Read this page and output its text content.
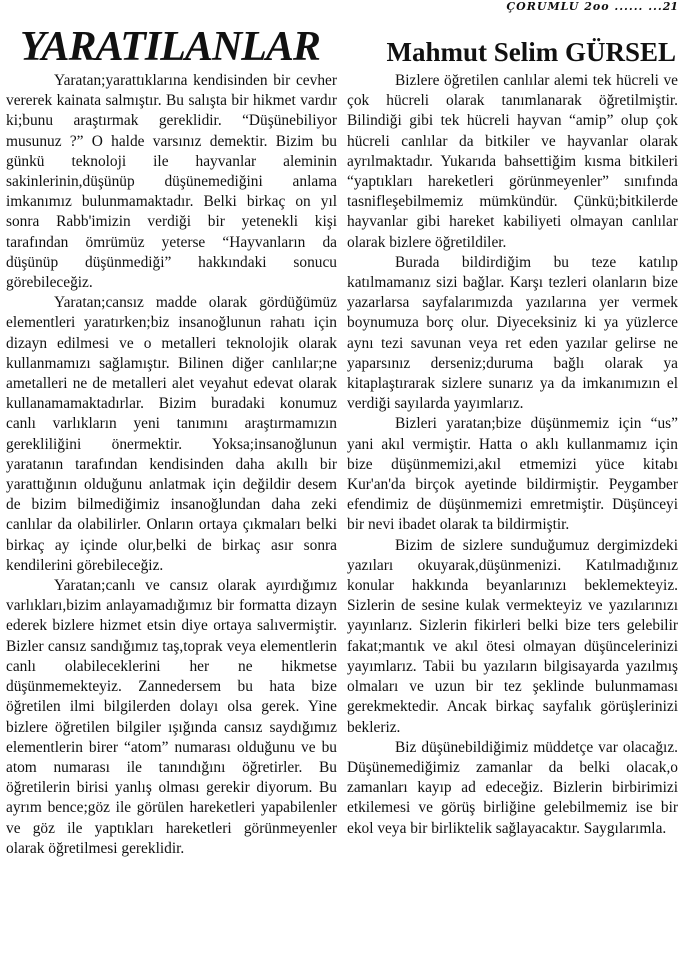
ÇORUMLU 2oo ...... ...21
YARATILANLAR Mahmut Selim GÜRSEL

Yaratan;yarattıklarına kendisinden bir cevher vererek kainata salmıştır. Bu salışta bir hikmet vardır ki;bunu araştırmak gereklidir. “Düşünebiliyor musunuz ?” O halde varsınız demektir. Bizim bu günkü teknoloji ile hayvanlar aleminin sakinlerinin,düşünüp düşünemediğini anlama imkanımız bulunmamaktadır. Belki birkaç on yıl sonra Rabb'imizin verdiği bir yetenekli kişi tarafından ömrümüz yeterse “Hayvanların da düşünüp düşünmediği” hakkındaki sonucu görebileceğiz.

Yaratan;cansız madde olarak gördüğümüz elementleri yaratırken;biz insanoğlunun rahatı için dizayn edilmesi ve o metalleri teknolojik olarak kullanmamızı sağlamıştır. Bilinen diğer canlılar;ne ametalleri ne de metalleri alet veyahut edevat olarak kullanamamaktadırlar. Bizim buradaki konumuz canlı varlıkların yeni tanımını araştırmamızın gerekliliğini önermektir. Yoksa;insanoğlunun yaratanın tarafından kendisinden daha akıllı bir yarattığının olduğunu anlatmak için değildir desem de bizim bilmediğimiz insanoğlundan daha zeki canlılar da olabilirler. Onların ortaya çıkmaları belki birkaç ay içinde olur,belki de birkaç asır sonra kendilerini görebileceğiz.

Yaratan;canlı ve cansız olarak ayırdığımız varlıkları,bizim anlayamadığımız bir formatta dizayn ederek bizlere hizmet etsin diye ortaya salıvermiştir. Bizler cansız sandığımız taş,toprak veya elementlerin canlı olabileceklerini her ne hikmetse düşünmemekteyiz. Zannedersem bu hata bize öğretilen ilmi bilgilerden dolayı olsa gerek. Yine bizlere öğretilen bilgiler ışığında cansız saydığımız elementlerin birer “atom” numarası olduğunu ve bu atom numarası ile tanındığını öğretirler. Bu öğretilerin birisi yanlış olması gerekir diyorum. Bu ayrım bence;göz ile görülen hareketleri yapabilenler ve göz ile yaptıkları hareketleri görünmeyenler olarak öğretilmesi gereklidir.

Bizlere öğretilen canlılar alemi tek hücreli ve çok hücreli olarak tanımlanarak öğretilmiştir. Bilindiği gibi tek hücreli hayvan “amip” olup çok hücreli canlılar da bitkiler ve hayvanlar olarak ayrılmaktadır. Yukarıda bahsettiğim kısma bitkileri “yaptıkları hareketleri görünmeyenler” sınıfında tasnifleşebilmemiz mümkündür. Çünkü;bitkilerde hayvanlar gibi hareket kabiliyeti olmayan canlılar olarak bizlere öğretildiler.

Burada bildirdiğim bu teze katılıp katılmamanız sizi bağlar. Karşı tezleri olanların bize yazarlarsa sayfalarımızda yazılarına yer vermek boynumuza borç olur. Diyeceksiniz ki ya yüzlerce aynı tezi savunan veya ret eden yazılar gelirse ne yaparsınız derseniz;duruma bağlı olarak ya kitaplaştırarak sizlere sunarız ya da imkanımızın el verdiği sayılarda yayımlarız.

Bizleri yaratan;bize düşünmemiz için “us” yani akıl vermiştir. Hatta o aklı kullanmamız için bize düşünmemizi,akıl etmemizi yüce kitabı Kur'an'da birçok ayetinde bildirmiştir. Peygamber efendimiz de düşünmemizi emretmiştir. Düşünceyi bir nevi ibadet olarak ta bildirmiştir.

Bizim de sizlere sunduğumuz dergimizdeki yazıları okuyarak,düşünmenizi. Katılmadığınız konular hakkında beyanlarınızı beklemekteyiz. Sizlerin de sesine kulak vermekteyiz ve yazılarınızı yayınlarız. Sizlerin fikirleri belki bize ters gelebilir fakat;mantık ve akıl ötesi olmayan düşüncelerinizi yayımlarız. Tabii bu yazıların bilgisayarda yazılmış olmaları ve uzun bir tez şeklinde bulunmaması gerekmektedir. Ancak birkaç sayfalık görüşlerinizi bekleriz.

Biz düşünebildiğimiz müddetçe var olacağız. Düşünemediğimiz zamanlar da belki olacak,o zamanları kayıp ad edeceğiz. Bizlerin birbirimizi etkilemesi ve görüş birliğine gelebilmemiz ise bir ekol veya bir birliktelik sağlayacaktır. Saygılarımla.
